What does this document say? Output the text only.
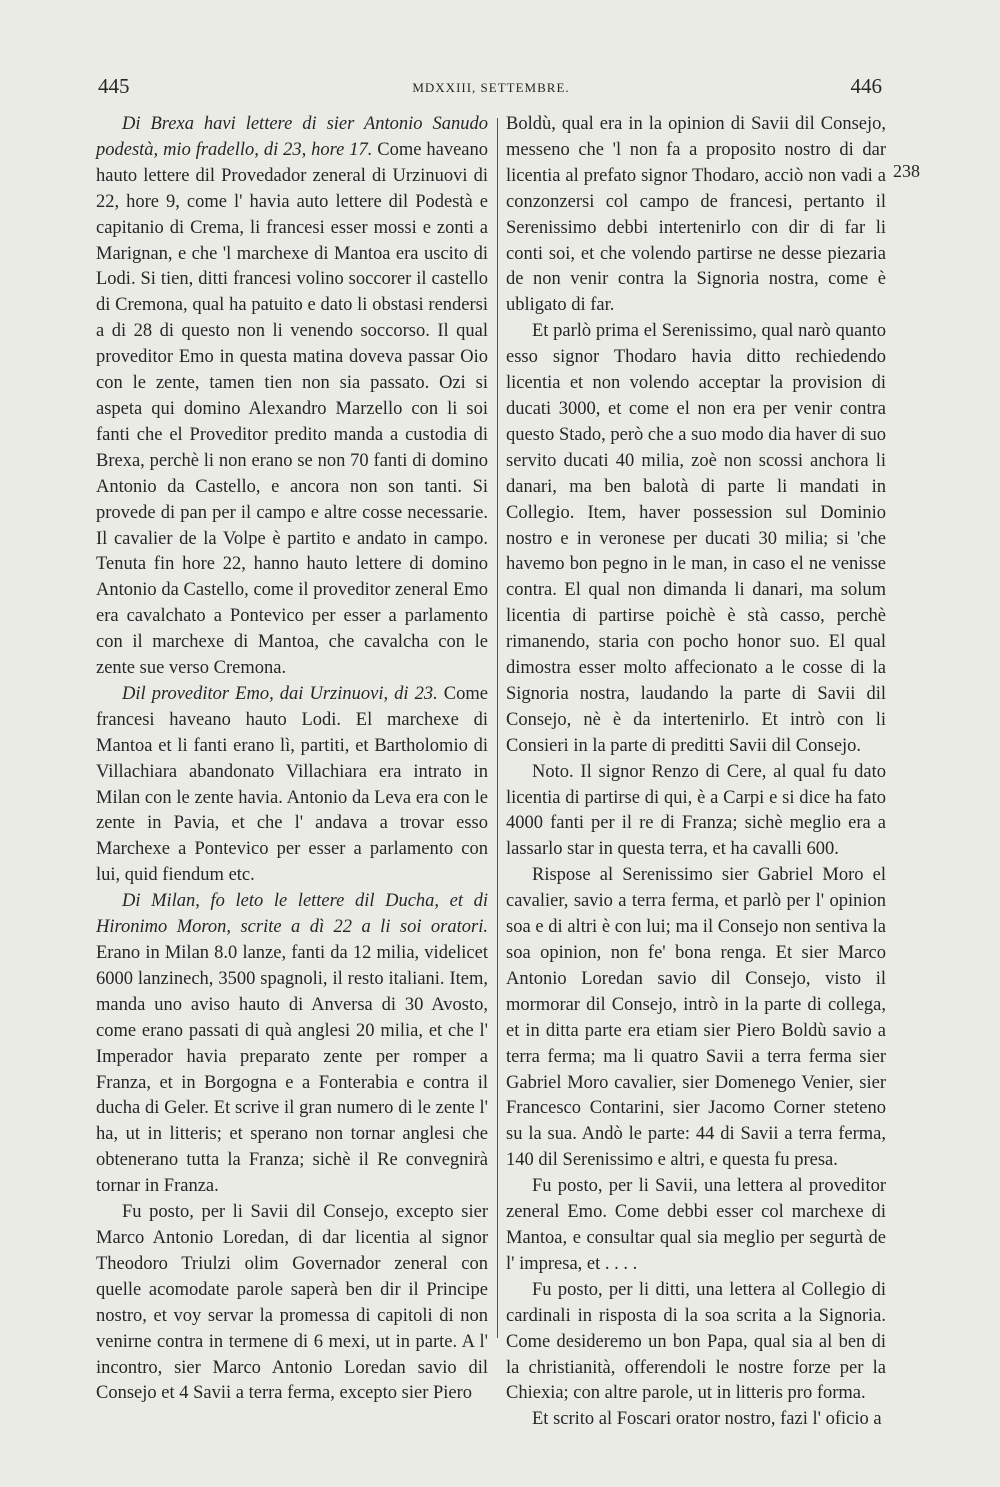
445	MDXXIII, SETTEMBRE.	446
238

Di Brexa havi lettere di sier Antonio Sanudo podestà, mio fradello, di 23, hore 17. Come haveano hauto lettere dil Provedador zeneral di Urzinuovi di 22, hore 9, come l' havia auto lettere dil Podestà e capitanio di Crema, li francesi esser mossi e zonti a Marignan, e che 'l marchexe di Mantoa era uscito di Lodi. Si tien, ditti francesi volino soccorer il castello di Cremona, qual ha patuito e dato li obstasi rendersi a di 28 di questo non li venendo soccorso. Il qual proveditor Emo in questa matina doveva passar Oio con le zente, tamen tien non sia passato. Ozi si aspeta qui domino Alexandro Marzello con li soi fanti che el Proveditor predito manda a custodia di Brexa, perchè li non erano se non 70 fanti di domino Antonio da Castello, e ancora non son tanti. Si provede di pan per il campo e altre cosse necessarie. Il cavalier de la Volpe è partito e andato in campo. Tenuta fin hore 22, hanno hauto lettere di domino Antonio da Castello, come il proveditor zeneral Emo era cavalchato a Pontevico per esser a parlamento con il marchexe di Mantoa, che cavalcha con le zente sue verso Cremona.

Dil proveditor Emo, dai Urzinuovi, di 23. Come francesi haveano hauto Lodi. El marchexe di Mantoa et li fanti erano lì, partiti, et Bartholomio di Villachiara abandonato Villachiara era intrato in Milan con le zente havia. Antonio da Leva era con le zente in Pavia, et che l' andava a trovar esso Marchexe a Pontevico per esser a parlamento con lui, quid fiendum etc.

Di Milan, fo leto le lettere dil Ducha, et di Hironimo Moron, scrite a dì 22 a li soi oratori. Erano in Milan 8.0 lanze, fanti da 12 milia, videlicet 6000 lanzinech, 3500 spagnoli, il resto italiani. Item, manda uno aviso hauto di Anversa di 30 Avosto, come erano passati di quà anglesi 20 milia, et che l' Imperador havia preparato zente per romper a Franza, et in Borgogna e a Fonterabia e contra il ducha di Geler. Et scrive il gran numero di le zente l' ha, ut in litteris; et sperano non tornar anglesi che obtenerano tutta la Franza; sichè il Re convegnirà tornar in Franza.

Fu posto, per li Savii dil Consejo, excepto sier Marco Antonio Loredan, di dar licentia al signor Theodoro Triulzi olim Governador zeneral con quelle acomodate parole saperà ben dir il Principe nostro, et voy servar la promessa di capitoli di non venirne contra in termene di 6 mexi, ut in parte. A l' incontro, sier Marco Antonio Loredan savio dil Consejo et 4 Savii a terra ferma, excepto sier Piero

Boldù, qual era in la opinion di Savii dil Consejo, messeno che 'l non fa a proposito nostro di dar licentia al prefato signor Thodaro, acciò non vadi a conzonzersi col campo de francesi, pertanto il Serenissimo debbi intertenirlo con dir di far li conti soi, et che volendo partirse ne desse piezaria de non venir contra la Signoria nostra, come è ubligato di far.

Et parlò prima el Serenissimo, qual narò quanto esso signor Thodaro havia ditto rechiedendo licentia et non volendo acceptar la provision di ducati 3000, et come el non era per venir contra questo Stado, però che a suo modo dia haver di suo servito ducati 40 milia, zoè non scossi anchora li danari, ma ben balotà di parte li mandati in Collegio. Item, haver possession sul Dominio nostro e in veronese per ducati 30 milia; si 'che havemo bon pegno in le man, in caso el ne venisse contra. El qual non dimanda li danari, ma solum licentia di partirse poichè è stà casso, perchè rimanendo, staria con pocho honor suo. El qual dimostra esser molto affecionato a le cosse di la Signoria nostra, laudando la parte di Savii dil Consejo, nè è da intertenirlo. Et intrò con li Consieri in la parte di preditti Savii dil Consejo.

Noto. Il signor Renzo di Cere, al qual fu dato licentia di partirse di qui, è a Carpi e si dice ha fato 4000 fanti per il re di Franza; sichè meglio era a lassarlo star in questa terra, et ha cavalli 600.

Rispose al Serenissimo sier Gabriel Moro el cavalier, savio a terra ferma, et parlò per l' opinion soa e di altri è con lui; ma il Consejo non sentiva la soa opinion, non fe' bona renga. Et sier Marco Antonio Loredan savio dil Consejo, visto il mormorar dil Consejo, intrò in la parte di collega, et in ditta parte era etiam sier Piero Boldù savio a terra ferma; ma li quatro Savii a terra ferma sier Gabriel Moro cavalier, sier Domenego Venier, sier Francesco Contarini, sier Jacomo Corner steteno su la sua. Andò le parte: 44 di Savii a terra ferma, 140 dil Serenissimo e altri, e questa fu presa.

Fu posto, per li Savii, una lettera al proveditor zeneral Emo. Come debbi esser col marchexe di Mantoa, e consultar qual sia meglio per segurtà de l' impresa, et . . . .

Fu posto, per li ditti, una lettera al Collegio di cardinali in risposta di la soa scrita a la Signoria. Come desideremo un bon Papa, qual sia al ben di la christianità, offerendoli le nostre forze per la Chiexia; con altre parole, ut in litteris pro forma.

Et scrito al Foscari orator nostro, fazi l' oficio a
